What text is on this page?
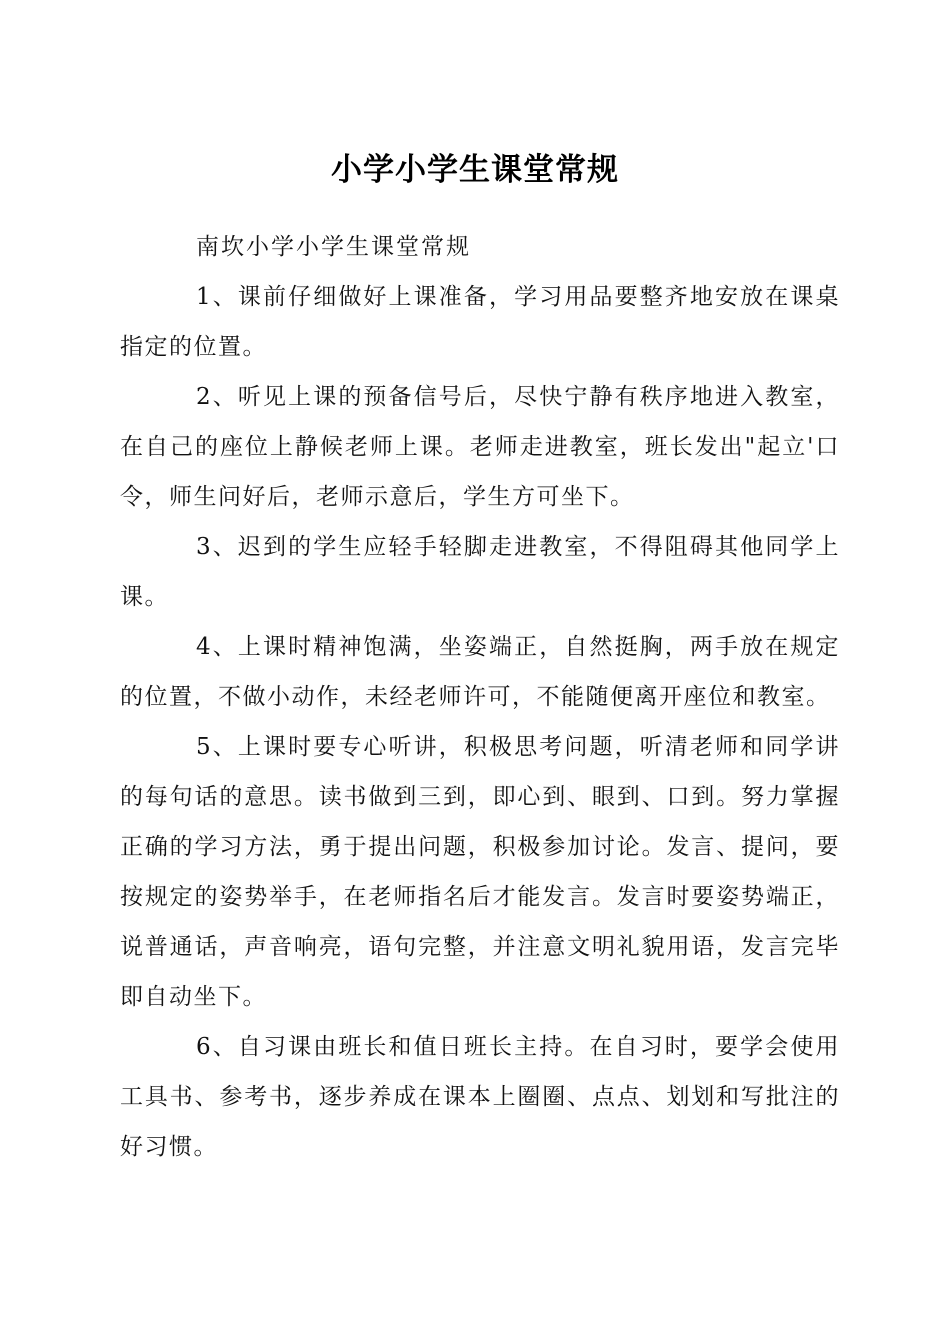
小学小学生课堂常规

南坎小学小学生课堂常规

1、课前仔细做好上课准备，学习用品要整齐地安放在课桌指定的位置。

2、听见上课的预备信号后，尽快宁静有秩序地进入教室，在自己的座位上静候老师上课。老师走进教室，班长发出"起立'口令，师生问好后，老师示意后，学生方可坐下。

3、迟到的学生应轻手轻脚走进教室，不得阻碍其他同学上课。

4、上课时精神饱满，坐姿端正，自然挺胸，两手放在规定的位置，不做小动作，未经老师许可，不能随便离开座位和教室。

5、上课时要专心听讲，积极思考问题，听清老师和同学讲的每句话的意思。读书做到三到，即心到、眼到、口到。努力掌握正确的学习方法，勇于提出问题，积极参加讨论。发言、提问，要按规定的姿势举手，在老师指名后才能发言。发言时要姿势端正，说普通话，声音响亮，语句完整，并注意文明礼貌用语，发言完毕即自动坐下。

6、自习课由班长和值日班长主持。在自习时，要学会使用工具书、参考书，逐步养成在课本上圈圈、点点、划划和写批注的好习惯。
